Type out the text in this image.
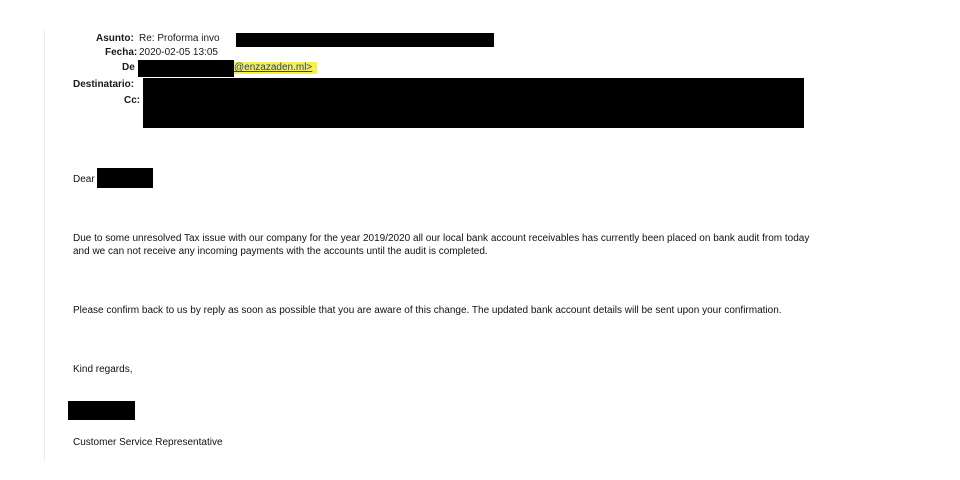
Asunto: Re: Proforma invo
Fecha: 2020-02-05 13:05
De	@enzazaden.ml>
Destinatario:
Cc:
Dear
Due to some unresolved Tax issue with our company for the year 2019/2020 all our local bank account receivables has currently been placed on bank audit from today
and we can not receive any incoming payments with the accounts until the audit is completed.
Please confirm back to us by reply as soon as possible that you are aware of this change. The updated bank account details will be sent upon your confirmation.
Kind regards,
Customer Service Representative
